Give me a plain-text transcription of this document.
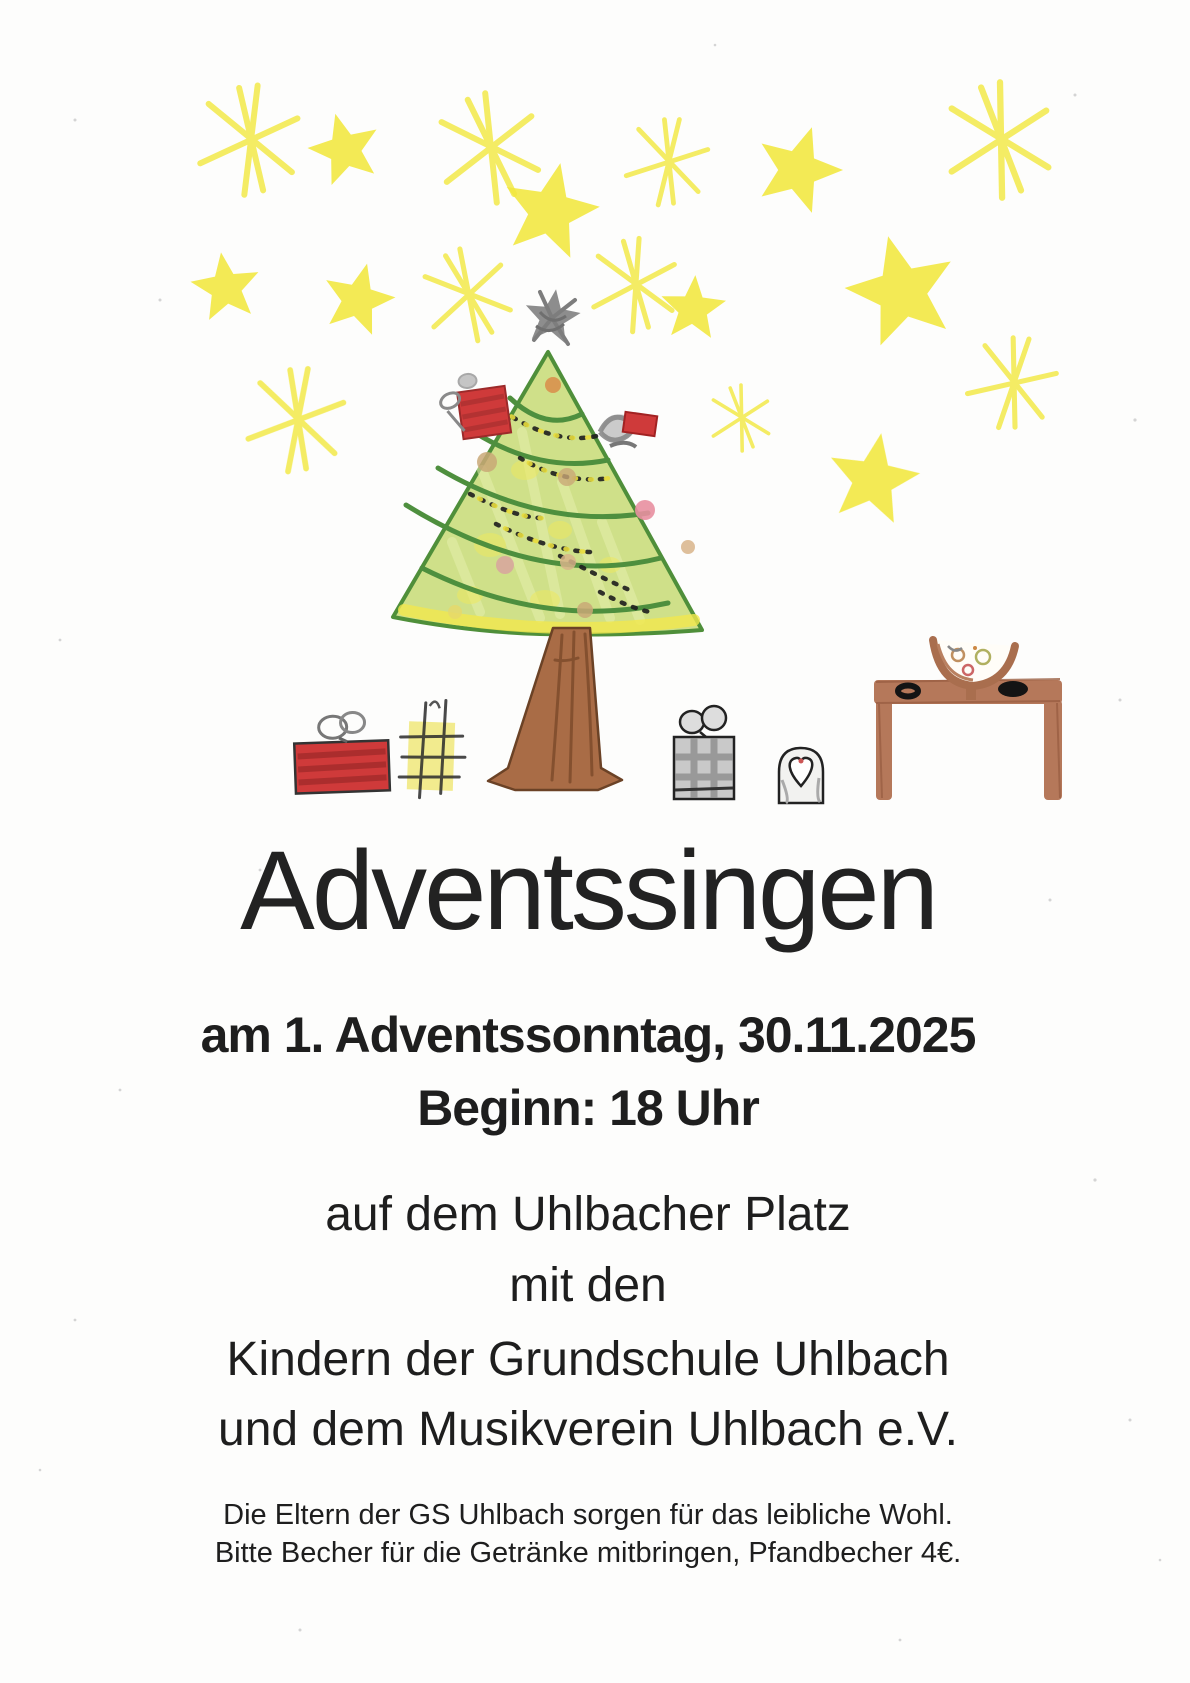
Adventssingen
am 1. Adventssonntag, 30.11.2025
Beginn: 18 Uhr
auf dem Uhlbacher Platz
mit den
Kindern der Grundschule Uhlbach
und dem Musikverein Uhlbach e.V.
Die Eltern der GS Uhlbach sorgen für das leibliche Wohl.
Bitte Becher für die Getränke mitbringen, Pfandbecher 4€.
